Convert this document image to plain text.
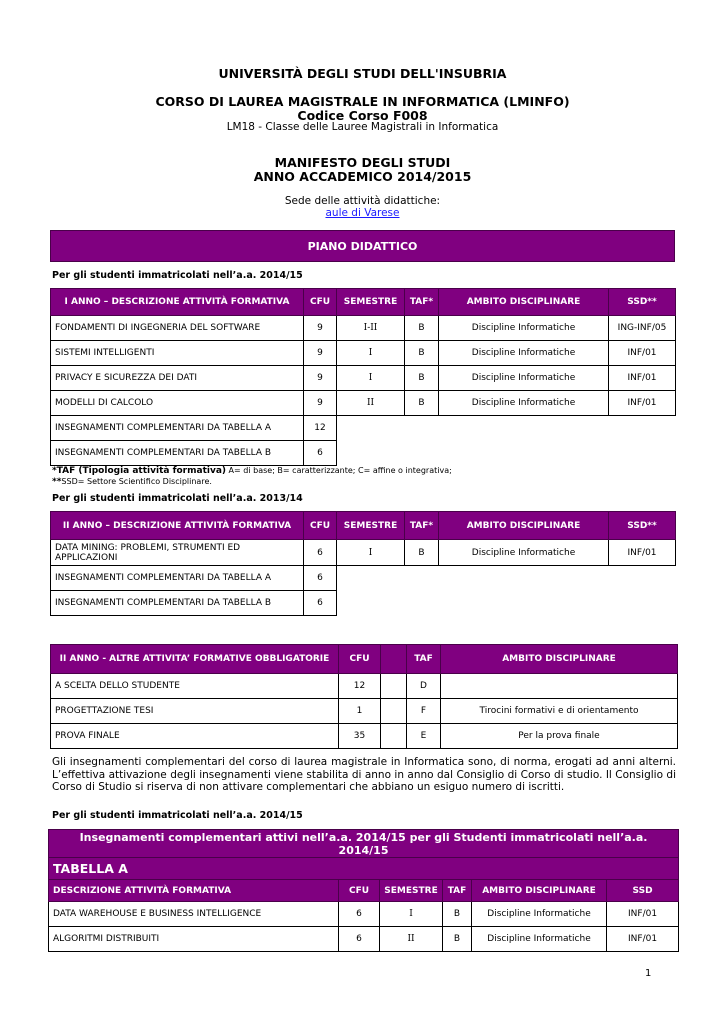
UNIVERSITÀ DEGLI STUDI DELL'INSUBRIA
CORSO DI LAUREA MAGISTRALE IN INFORMATICA (LMINFO)
Codice Corso F008
LM18 - Classe delle Lauree Magistrali in Informatica
MANIFESTO DEGLI STUDI
ANNO ACCADEMICO 2014/2015
Sede delle attività didattiche:
aule di Varese
PIANO DIDATTICO
Per gli studenti immatricolati nell’a.a. 2014/15
I ANNO – DESCRIZIONE ATTIVITÀ FORMATIVA	CFU	SEMESTRE	TAF*	AMBITO DISCIPLINARE	SSD**
FONDAMENTI DI INGEGNERIA DEL SOFTWARE	9	I-II	B	Discipline Informatiche	ING-INF/05
SISTEMI INTELLIGENTI	9	I	B	Discipline Informatiche	INF/01
PRIVACY E SICUREZZA DEI DATI	9	I	B	Discipline Informatiche	INF/01
MODELLI DI CALCOLO	9	II	B	Discipline Informatiche	INF/01
INSEGNAMENTI COMPLEMENTARI DA TABELLA A	12				
INSEGNAMENTI COMPLEMENTARI DA TABELLA B	6				
*TAF (Tipologia attività formativa) A= di base; B= caratterizzante; C= affine o integrativa;
**SSD= Settore Scientifico Disciplinare.
Per gli studenti immatricolati nell’a.a. 2013/14
II ANNO – DESCRIZIONE ATTIVITÀ FORMATIVA	CFU	SEMESTRE	TAF*	AMBITO DISCIPLINARE	SSD**
DATA MINING: PROBLEMI, STRUMENTI ED APPLICAZIONI	6	I	B	Discipline Informatiche	INF/01
INSEGNAMENTI COMPLEMENTARI DA TABELLA A	6				
INSEGNAMENTI COMPLEMENTARI DA TABELLA B	6				
II ANNO - ALTRE ATTIVITA’ FORMATIVE OBBLIGATORIE	CFU		TAF	AMBITO DISCIPLINARE
A SCELTA DELLO STUDENTE	12		D	
PROGETTAZIONE TESI	1		F	Tirocini formativi e di orientamento
PROVA FINALE	35		E	Per la prova finale
Gli insegnamenti complementari del corso di laurea magistrale in Informatica sono, di norma, erogati ad anni alterni. L’effettiva attivazione degli insegnamenti viene stabilita di anno in anno dal Consiglio di Corso di studio. Il Consiglio di Corso di Studio si riserva di non attivare complementari che abbiano un esiguo numero di iscritti.
Per gli studenti immatricolati nell’a.a. 2014/15
Insegnamenti complementari attivi nell’a.a. 2014/15 per gli Studenti immatricolati nell’a.a. 2014/15					
TABELLA A					
DESCRIZIONE ATTIVITÀ FORMATIVA	CFU	SEMESTRE	TAF	AMBITO DISCIPLINARE	SSD
DATA WAREHOUSE E BUSINESS INTELLIGENCE	6	I	B	Discipline Informatiche	INF/01
ALGORITMI DISTRIBUITI	6	II	B	Discipline Informatiche	INF/01
1
